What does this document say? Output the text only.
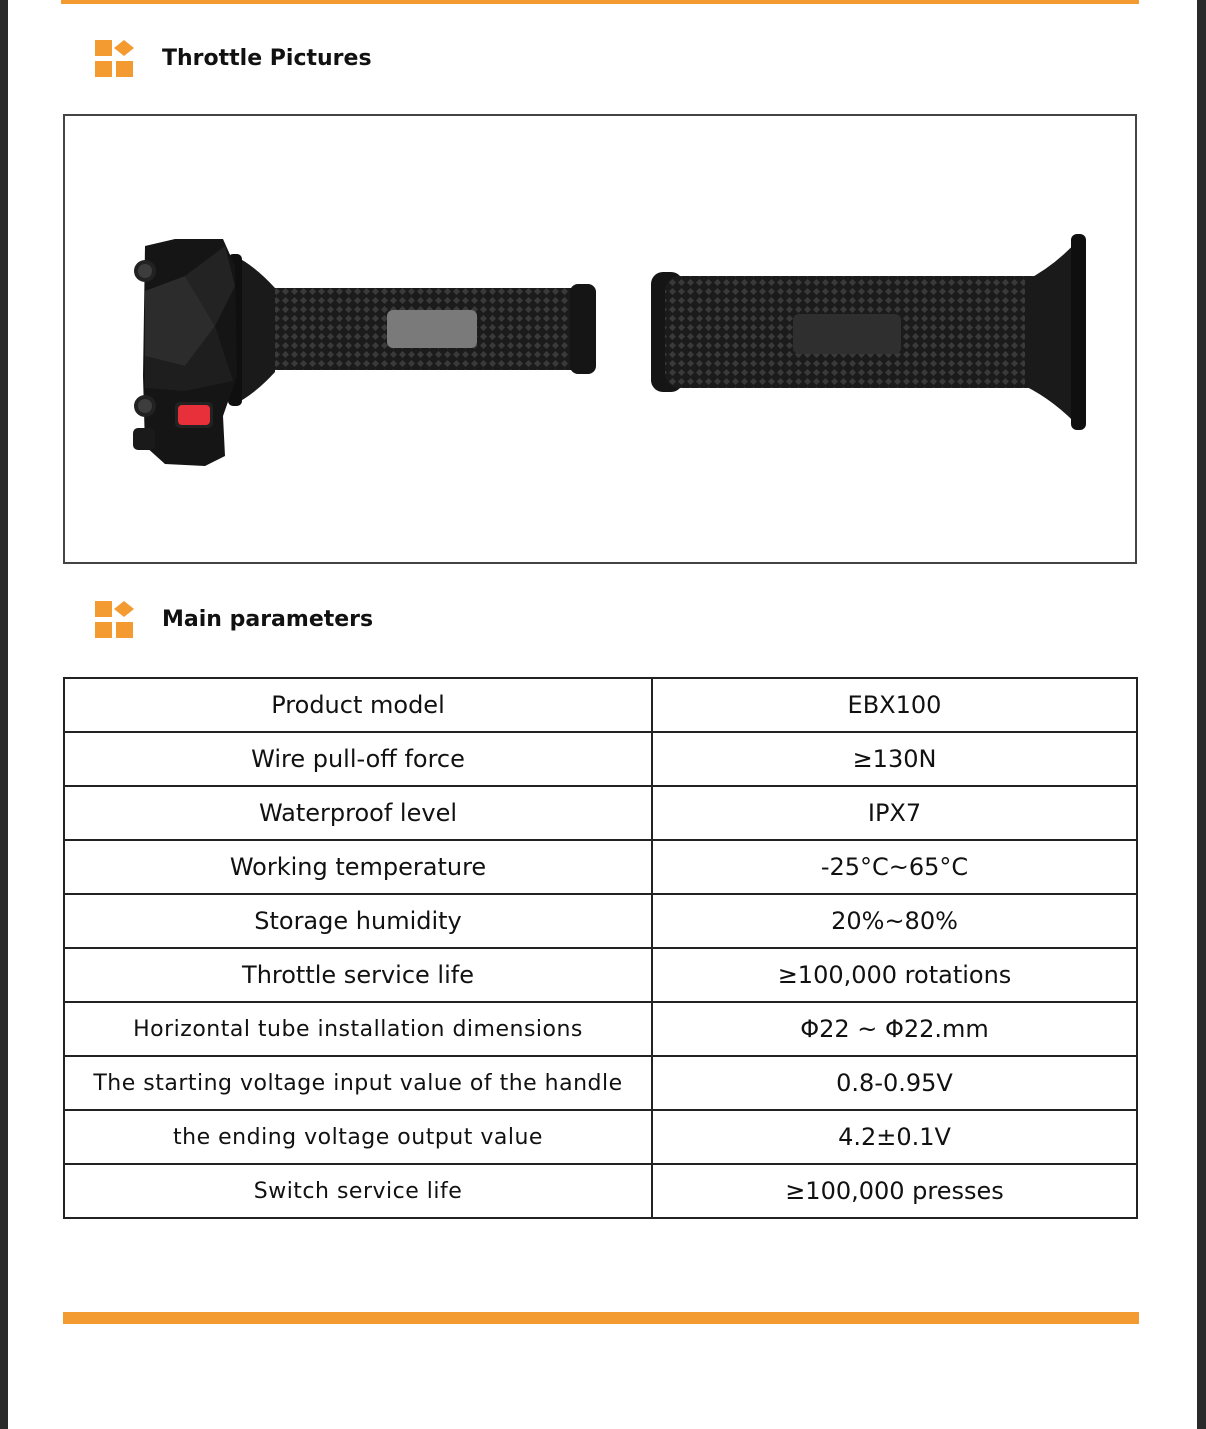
Throttle Pictures
Main parameters
Product model	EBX100
Wire pull-off force	≥130N
Waterproof level	IPX7
Working temperature	-25°C~65°C
Storage humidity	20%~80%
Throttle service life	≥100,000 rotations
Horizontal tube installation dimensions	Φ22 ~ Φ22.mm
The starting voltage input value of the handle	0.8-0.95V
the ending voltage output value	4.2±0.1V
Switch service life	≥100,000 presses
